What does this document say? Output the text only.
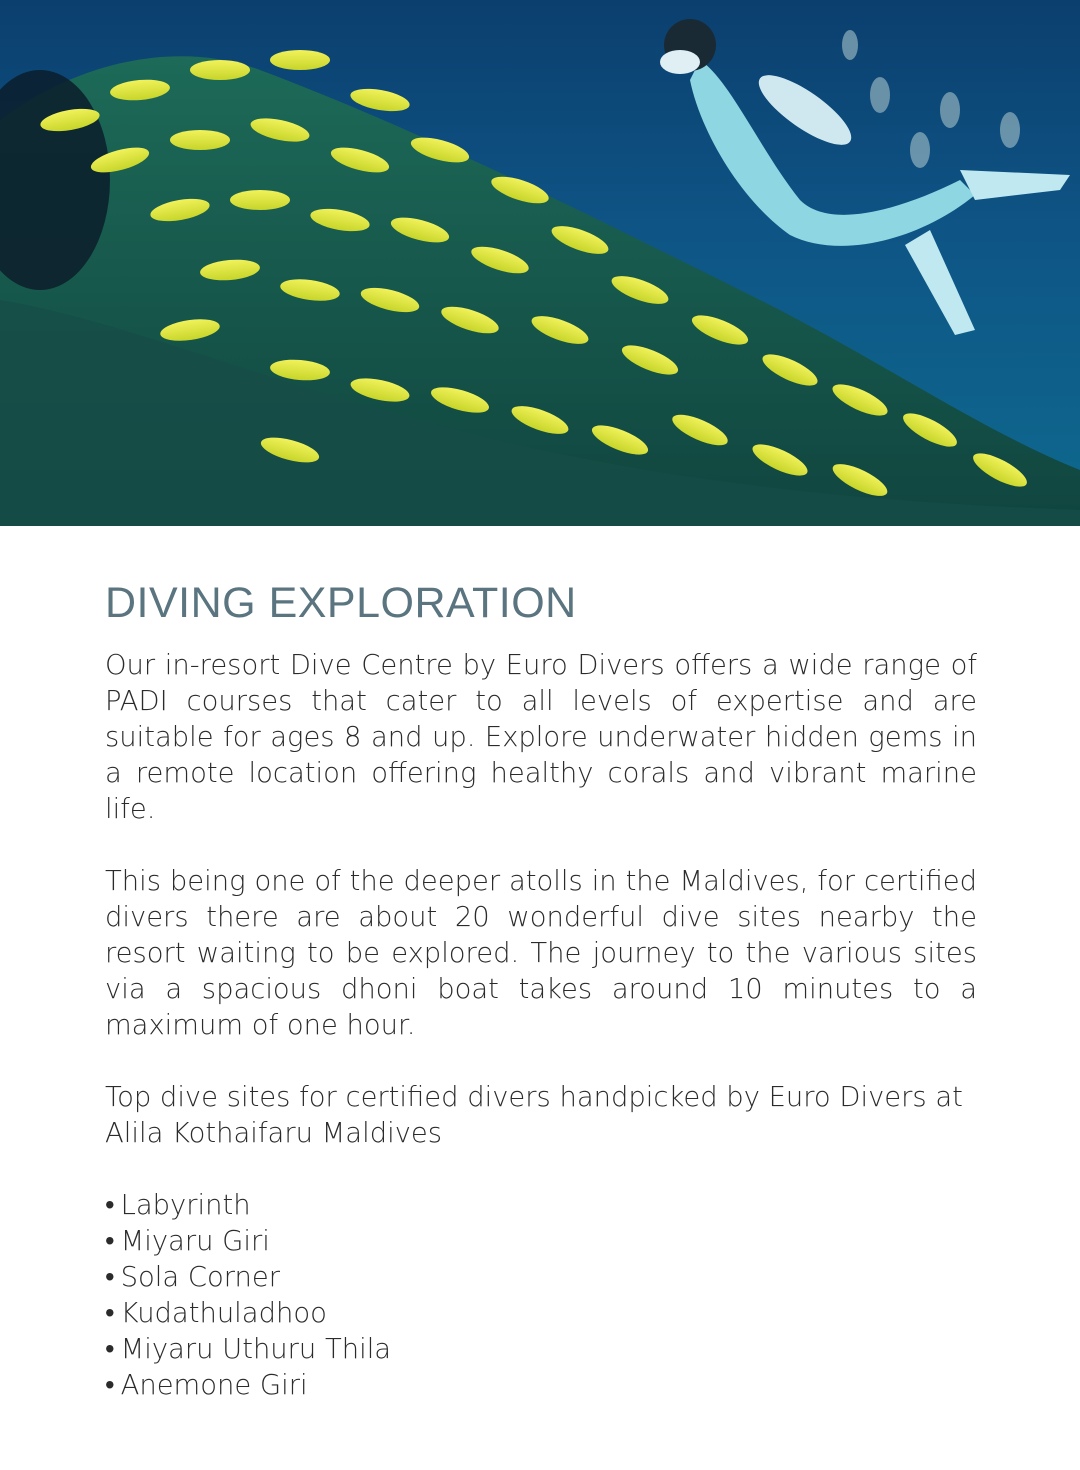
DIVING EXPLORATION

Our in-resort Dive Centre by Euro Divers offers a wide range of PADI courses that cater to all levels of expertise and are suitable for ages 8 and up. Explore underwater hidden gems in a remote location offering healthy corals and vibrant marine life.

This being one of the deeper atolls in the Maldives, for certified divers there are about 20 wonderful dive sites nearby the resort waiting to be explored. The journey to the various sites via a spacious dhoni boat takes around 10 minutes to a maximum of one hour.

Top dive sites for certified divers handpicked by Euro Divers at Alila Kothaifaru Maldives

• Labyrinth
• Miyaru Giri
• Sola Corner
• Kudathuladhoo
• Miyaru Uthuru Thila
• Anemone Giri
